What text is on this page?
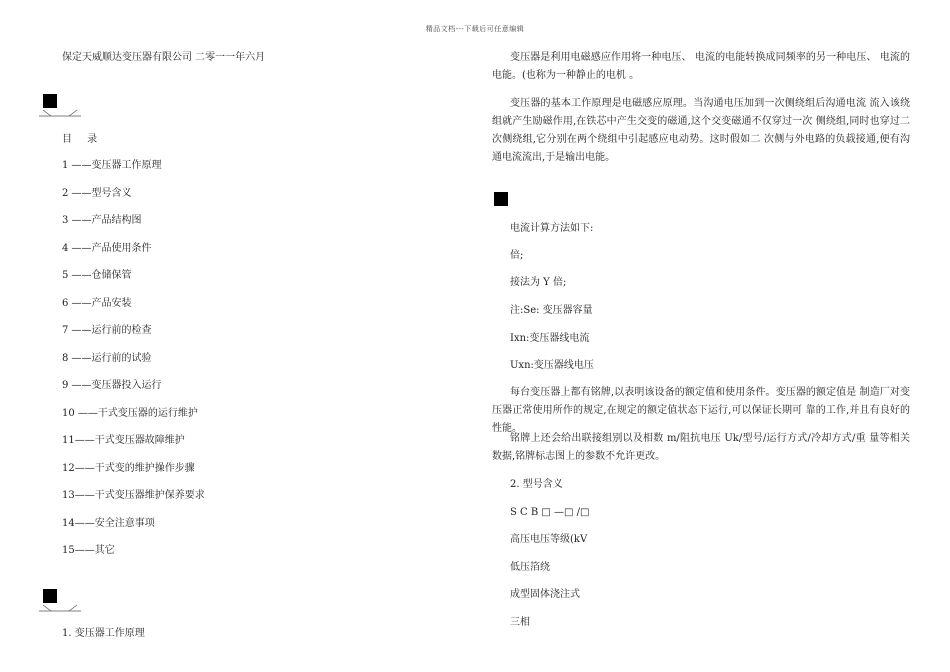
精品文档---下载后可任意编辑
保定天威顺达变压器有限公司 二零一一年六月
目 录
1 ——变压器工作原理
2 ——型号含义
3 ——产品结构图
4 ——产品使用条件
5 ——仓储保管
6 ——产品安装
7 ——运行前的检查
8 ——运行前的试验
9 ——变压器投入运行
10 ——干式变压器的运行维护
11——干式变压器故障维护
12——干式变的维护操作步骤
13——干式变压器维护保养要求
14——安全注意事项
15——其它
1. 变压器工作原理
变压器是利用电磁感应作用将一种电压、 电流的电能转换成同频率的另一种电压、 电流的电能。(也称为一种静止的电机 。
变压器的基本工作原理是电磁感应原理。当沟通电压加到一次侧绕组后沟通电流 流入该绕组就产生励磁作用,在铁芯中产生交变的磁通,这个交变磁通不仅穿过一次 侧绕组,同时也穿过二次侧绕组,它分别在两个绕组中引起感应电动势。这时假如二 次侧与外电路的负载接通,便有沟通电流流出,于是输出电能。
电流计算方法如下:
倍;
接法为 Y 倍;
注:Se: 变压器容量
Ixn:变压器线电流
Uxn:变压器线电压
每台变压器上都有铭牌,以表明该设备的额定值和使用条件。变压器的额定值是 制造厂对变压器正常使用所作的规定,在规定的额定值状态下运行,可以保证长期可 靠的工作,并且有良好的性能。
铭牌上还会给出联接组别以及相数 m/阻抗电压 Uk/型号/运行方式/冷却方式/重 量等相关数据,铭牌标志图上的参数不允许更改。
2. 型号含义
S C B □ —□ /□
高压电压等级(kV
低压箔绕
成型固体浇注式
三相
